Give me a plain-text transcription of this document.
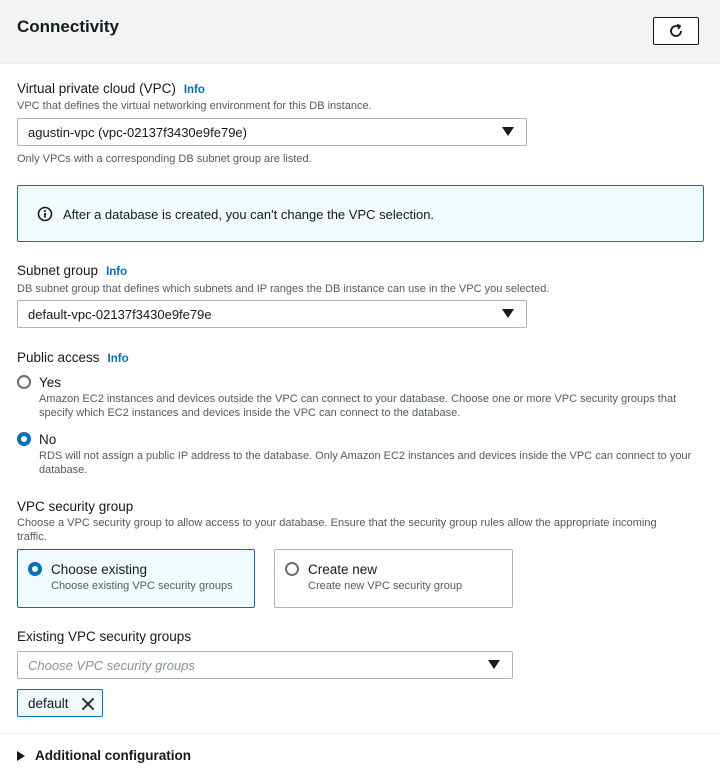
Connectivity
Virtual private cloud (VPC) Info
VPC that defines the virtual networking environment for this DB instance.
agustin-vpc (vpc-02137f3430e9fe79e)
Only VPCs with a corresponding DB subnet group are listed.
After a database is created, you can't change the VPC selection.
Subnet group Info
DB subnet group that defines which subnets and IP ranges the DB instance can use in the VPC you selected.
default-vpc-02137f3430e9fe79e
Public access Info
Yes
Amazon EC2 instances and devices outside the VPC can connect to your database. Choose one or more VPC security groups that specify which EC2 instances and devices inside the VPC can connect to the database.
No
RDS will not assign a public IP address to the database. Only Amazon EC2 instances and devices inside the VPC can connect to your database.
VPC security group
Choose a VPC security group to allow access to your database. Ensure that the security group rules allow the appropriate incoming traffic.
Choose existing
Choose existing VPC security groups
Create new
Create new VPC security group
Existing VPC security groups
Choose VPC security groups
default
Additional configuration
